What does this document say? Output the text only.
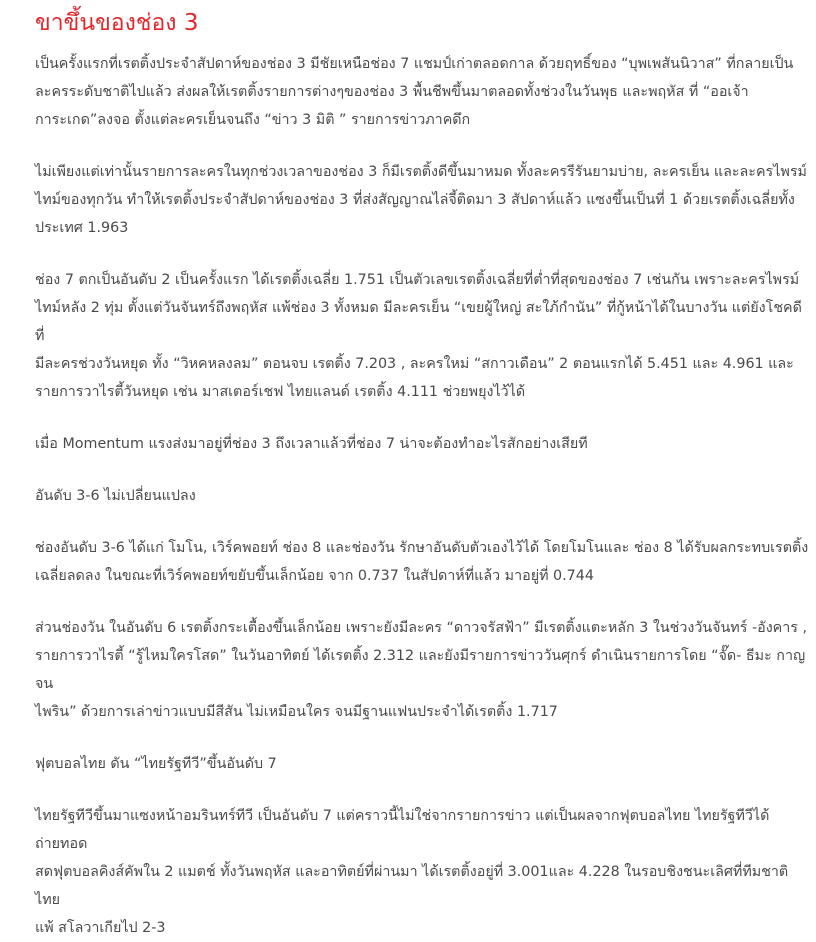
ขาขึ้นของช่อง 3

เป็นครั้งแรกที่เรตติ้งประจำสัปดาห์ของช่อง 3 มีชัยเหนือช่อง 7 แชมป์เก่าตลอดกาล ด้วยฤทธิ์ของ “บุพเพสันนิวาส” ที่กลายเป็น
ละครระดับชาติไปแล้ว ส่งผลให้เรตติ้งรายการต่างๆของช่อง 3 พื้นชีพขึ้นมาตลอดทั้งช่วงในวันพุธ และพฤหัส ที่ “ออเจ้า
การะเกด”ลงจอ ตั้งแต่ละครเย็นจนถึง “ข่าว 3 มิติ ” รายการข่าวภาคดึก

ไม่เพียงแต่เท่านั้นรายการละครในทุกช่วงเวลาของช่อง 3 ก็มีเรตติ้งดีขึ้นมาหมด ทั้งละครรีรันยามบ่าย, ละครเย็น และละครไพรม์
ไทม์ของทุกวัน ทำให้เรตติ้งประจำสัปดาห์ของช่อง 3 ที่ส่งสัญญาณไล่จี้ติดมา 3 สัปดาห์แล้ว แซงขึ้นเป็นที่ 1 ด้วยเรตติ้งเฉลี่ยทั้ง
ประเทศ 1.963

ช่อง 7 ตกเป็นอันดับ 2 เป็นครั้งแรก ได้เรตติ้งเฉลี่ย 1.751 เป็นตัวเลขเรตติ้งเฉลี่ยที่ต่ำที่สุดของช่อง 7 เช่นกัน เพราะละครไพรม์
ไทม์หลัง 2 ทุ่ม ตั้งแต่วันจันทร์ถึงพฤหัส แพ้ช่อง 3 ทั้งหมด มีละครเย็น “เขยผู้ใหญ่ สะใภ้กำนัน” ที่กู้หน้าได้ในบางวัน แต่ยังโชคดีที่
มีละครช่วงวันหยุด ทั้ง “วิหคหลงลม” ตอนจบ เรตติ้ง 7.203 , ละครใหม่ “สกาวเดือน” 2 ตอนแรกได้ 5.451 และ 4.961 และ
รายการวาไรตี้วันหยุด เช่น มาสเตอร์เชฟ ไทยแลนด์ เรตติ้ง 4.111 ช่วยพยุงไว้ได้

เมื่อ Momentum แรงส่งมาอยู่ที่ช่อง 3 ถึงเวลาแล้วที่ช่อง 7 น่าจะต้องทำอะไรสักอย่างเสียที

อันดับ 3-6 ไม่เปลี่ยนแปลง

ช่องอันดับ 3-6 ได้แก่ โมโน, เวิร์คพอยท์ ช่อง 8 และช่องวัน รักษาอันดับตัวเองไว้ได้ โดยโมโนและ ช่อง 8 ได้รับผลกระทบเรตติ้ง
เฉลี่ยลดลง ในขณะที่เวิร์คพอยท์ขยับขึ้นเล็กน้อย จาก 0.737 ในสัปดาห์ที่แล้ว มาอยู่ที่ 0.744

ส่วนช่องวัน ในอันดับ 6 เรตติ้งกระเตื้องขึ้นเล็กน้อย เพราะยังมีละคร “ดาวจรัสฟ้า” มีเรตติ้งแตะหลัก 3 ในช่วงวันจันทร์ -อังคาร ,
รายการวาไรตี้ “รู้ไหมใครโสด” ในวันอาทิตย์ ได้เรตติ้ง 2.312 และยังมีรายการข่าววันศุกร์ ดำเนินรายการโดย “จั๊ด- ธีมะ กาญจน
ไพริน” ด้วยการเล่าข่าวแบบมีสีสัน ไม่เหมือนใคร จนมีฐานแฟนประจำได้เรตติ้ง 1.717

ฟุตบอลไทย ดัน “ไทยรัฐทีวี”ขึ้นอันดับ 7

ไทยรัฐทีวีขึ้นมาแซงหน้าอมรินทร์ทีวี เป็นอันดับ 7 แต่คราวนี้ไม่ใช่จากรายการข่าว แต่เป็นผลจากฟุตบอลไทย ไทยรัฐทีวีได้ถ่ายทอด
สดฟุตบอลคิงส์คัพใน 2 แมตช์ ทั้งวันพฤหัส และอาทิตย์ที่ผ่านมา ได้เรตติ้งอยู่ที่ 3.001และ 4.228 ในรอบชิงชนะเลิศที่ทีมชาติไทย
แพ้ สโลวาเกียไป 2-3
